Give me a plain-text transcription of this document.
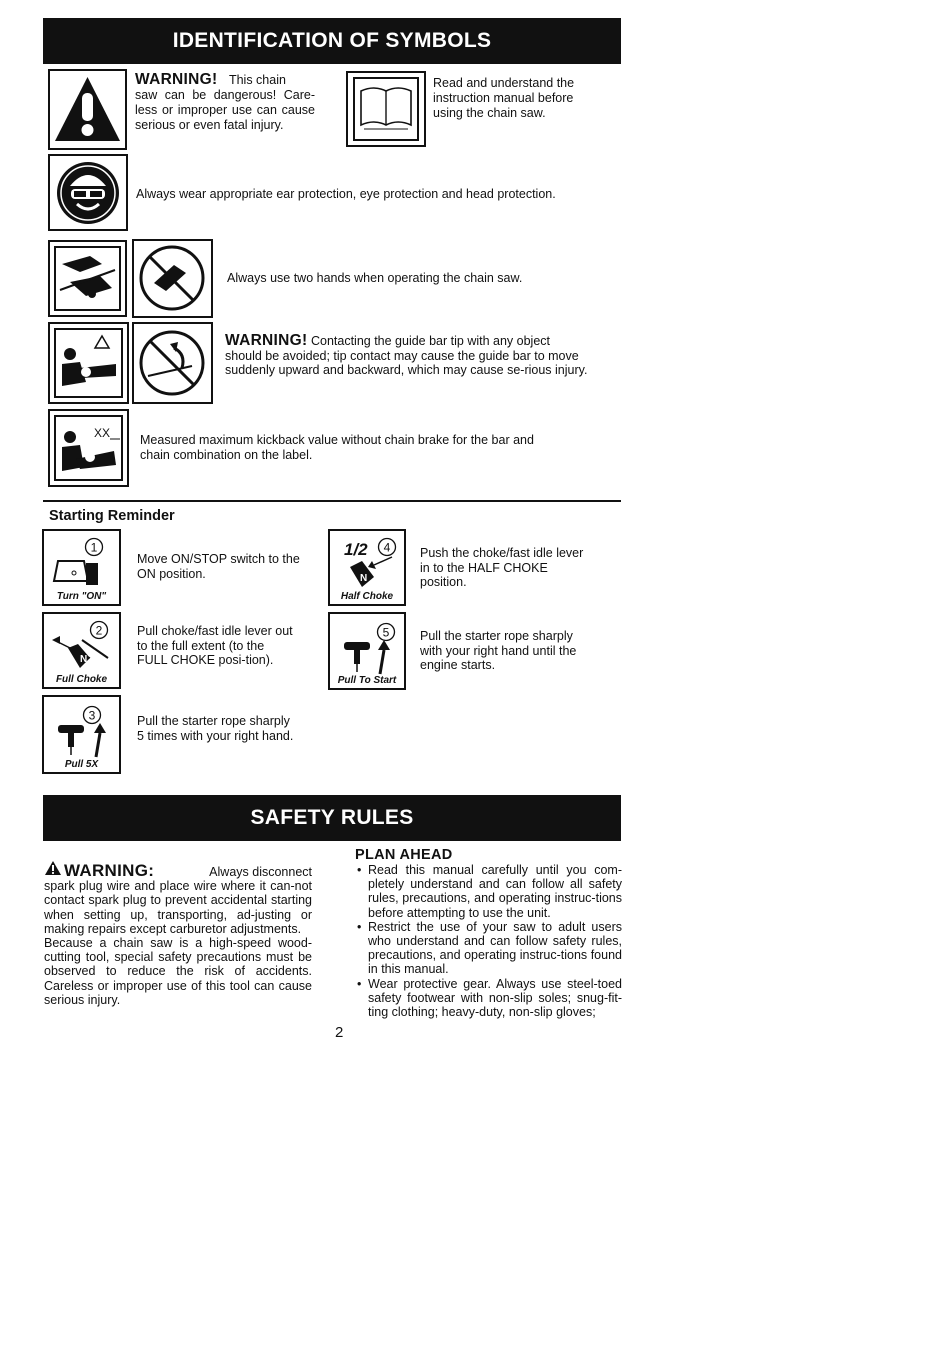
IDENTIFICATION OF SYMBOLS
WARNING! This chain
saw can be dangerous! Care-less or improper use can cause serious or even fatal injury.
Read and understand the instruction manual before using the chain saw.
Always wear appropriate ear protection, eye protection and head protection.
Always use two hands when operating the chain saw.
WARNING! Contacting the guide bar tip with any object should be avoided; tip contact may cause the guide bar to move suddenly upward and backward, which may cause se-rious injury.
XX Measured maximum kickback value without chain brake for the bar and chain combination on the label.
Starting Reminder
1
Turn "ON"
Move ON/STOP switch to the ON position.
2
N
Full Choke
Pull choke/fast idle lever out to the full extent (to the FULL CHOKE posi-tion).
3
Pull 5X
Pull the starter rope sharply 5 times with your right hand.
1/2 4
N
Half Choke
Push the choke/fast idle lever in to the HALF CHOKE position.
5
Pull To Start
Pull the starter rope sharply with your right hand until the engine starts.
SAFETY RULES
WARNING:	Always disconnect
spark plug wire and place wire where it can-not contact spark plug to prevent accidental starting when setting up, transporting, ad-justing or making repairs except carburetor adjustments.
Because a chain saw is a high-speed wood-cutting tool, special safety precautions must be observed to reduce the risk of accidents. Careless or improper use of this tool can cause serious injury.
PLAN AHEAD
• Read this manual carefully until you com-pletely understand and can follow all safety rules, precautions, and operating instruc-tions before attempting to use the unit.
• Restrict the use of your saw to adult users who understand and can follow safety rules, precautions, and operating instruc-tions found in this manual.
• Wear protective gear. Always use steel-toed safety footwear with non-slip soles; snug-fit-ting clothing; heavy-duty, non-slip gloves;
2
